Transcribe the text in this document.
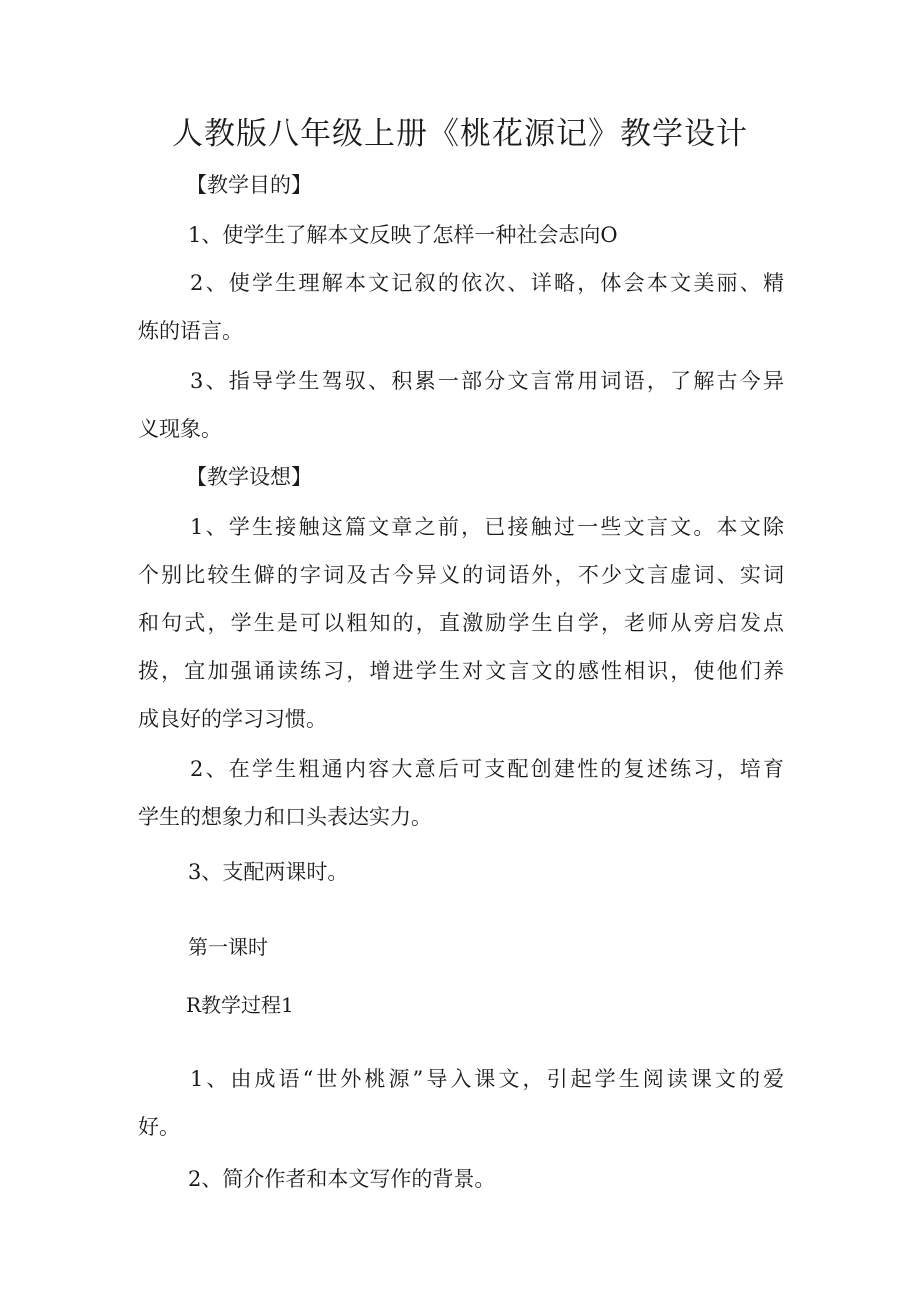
人教版八年级上册《桃花源记》教学设计
【教学目的】
1、使学生了解本文反映了怎样一种社会志向O
2、使学生理解本文记叙的依次、详略，体会本文美丽、精
炼的语言。
3、指导学生驾驭、积累一部分文言常用词语，了解古今异
义现象。
【教学设想】
1、学生接触这篇文章之前，已接触过一些文言文。本文除
个别比较生僻的字词及古今异义的词语外，不少文言虚词、实词
和句式，学生是可以粗知的，直激励学生自学，老师从旁启发点
拨，宜加强诵读练习，增进学生对文言文的感性相识，使他们养
成良好的学习习惯。
2、在学生粗通内容大意后可支配创建性的复述练习，培育
学生的想象力和口头表达实力。
3、支配两课时。
第一课时
R教学过程1
1、由成语“世外桃源”导入课文，引起学生阅读课文的爱
好。
2、简介作者和本文写作的背景。
